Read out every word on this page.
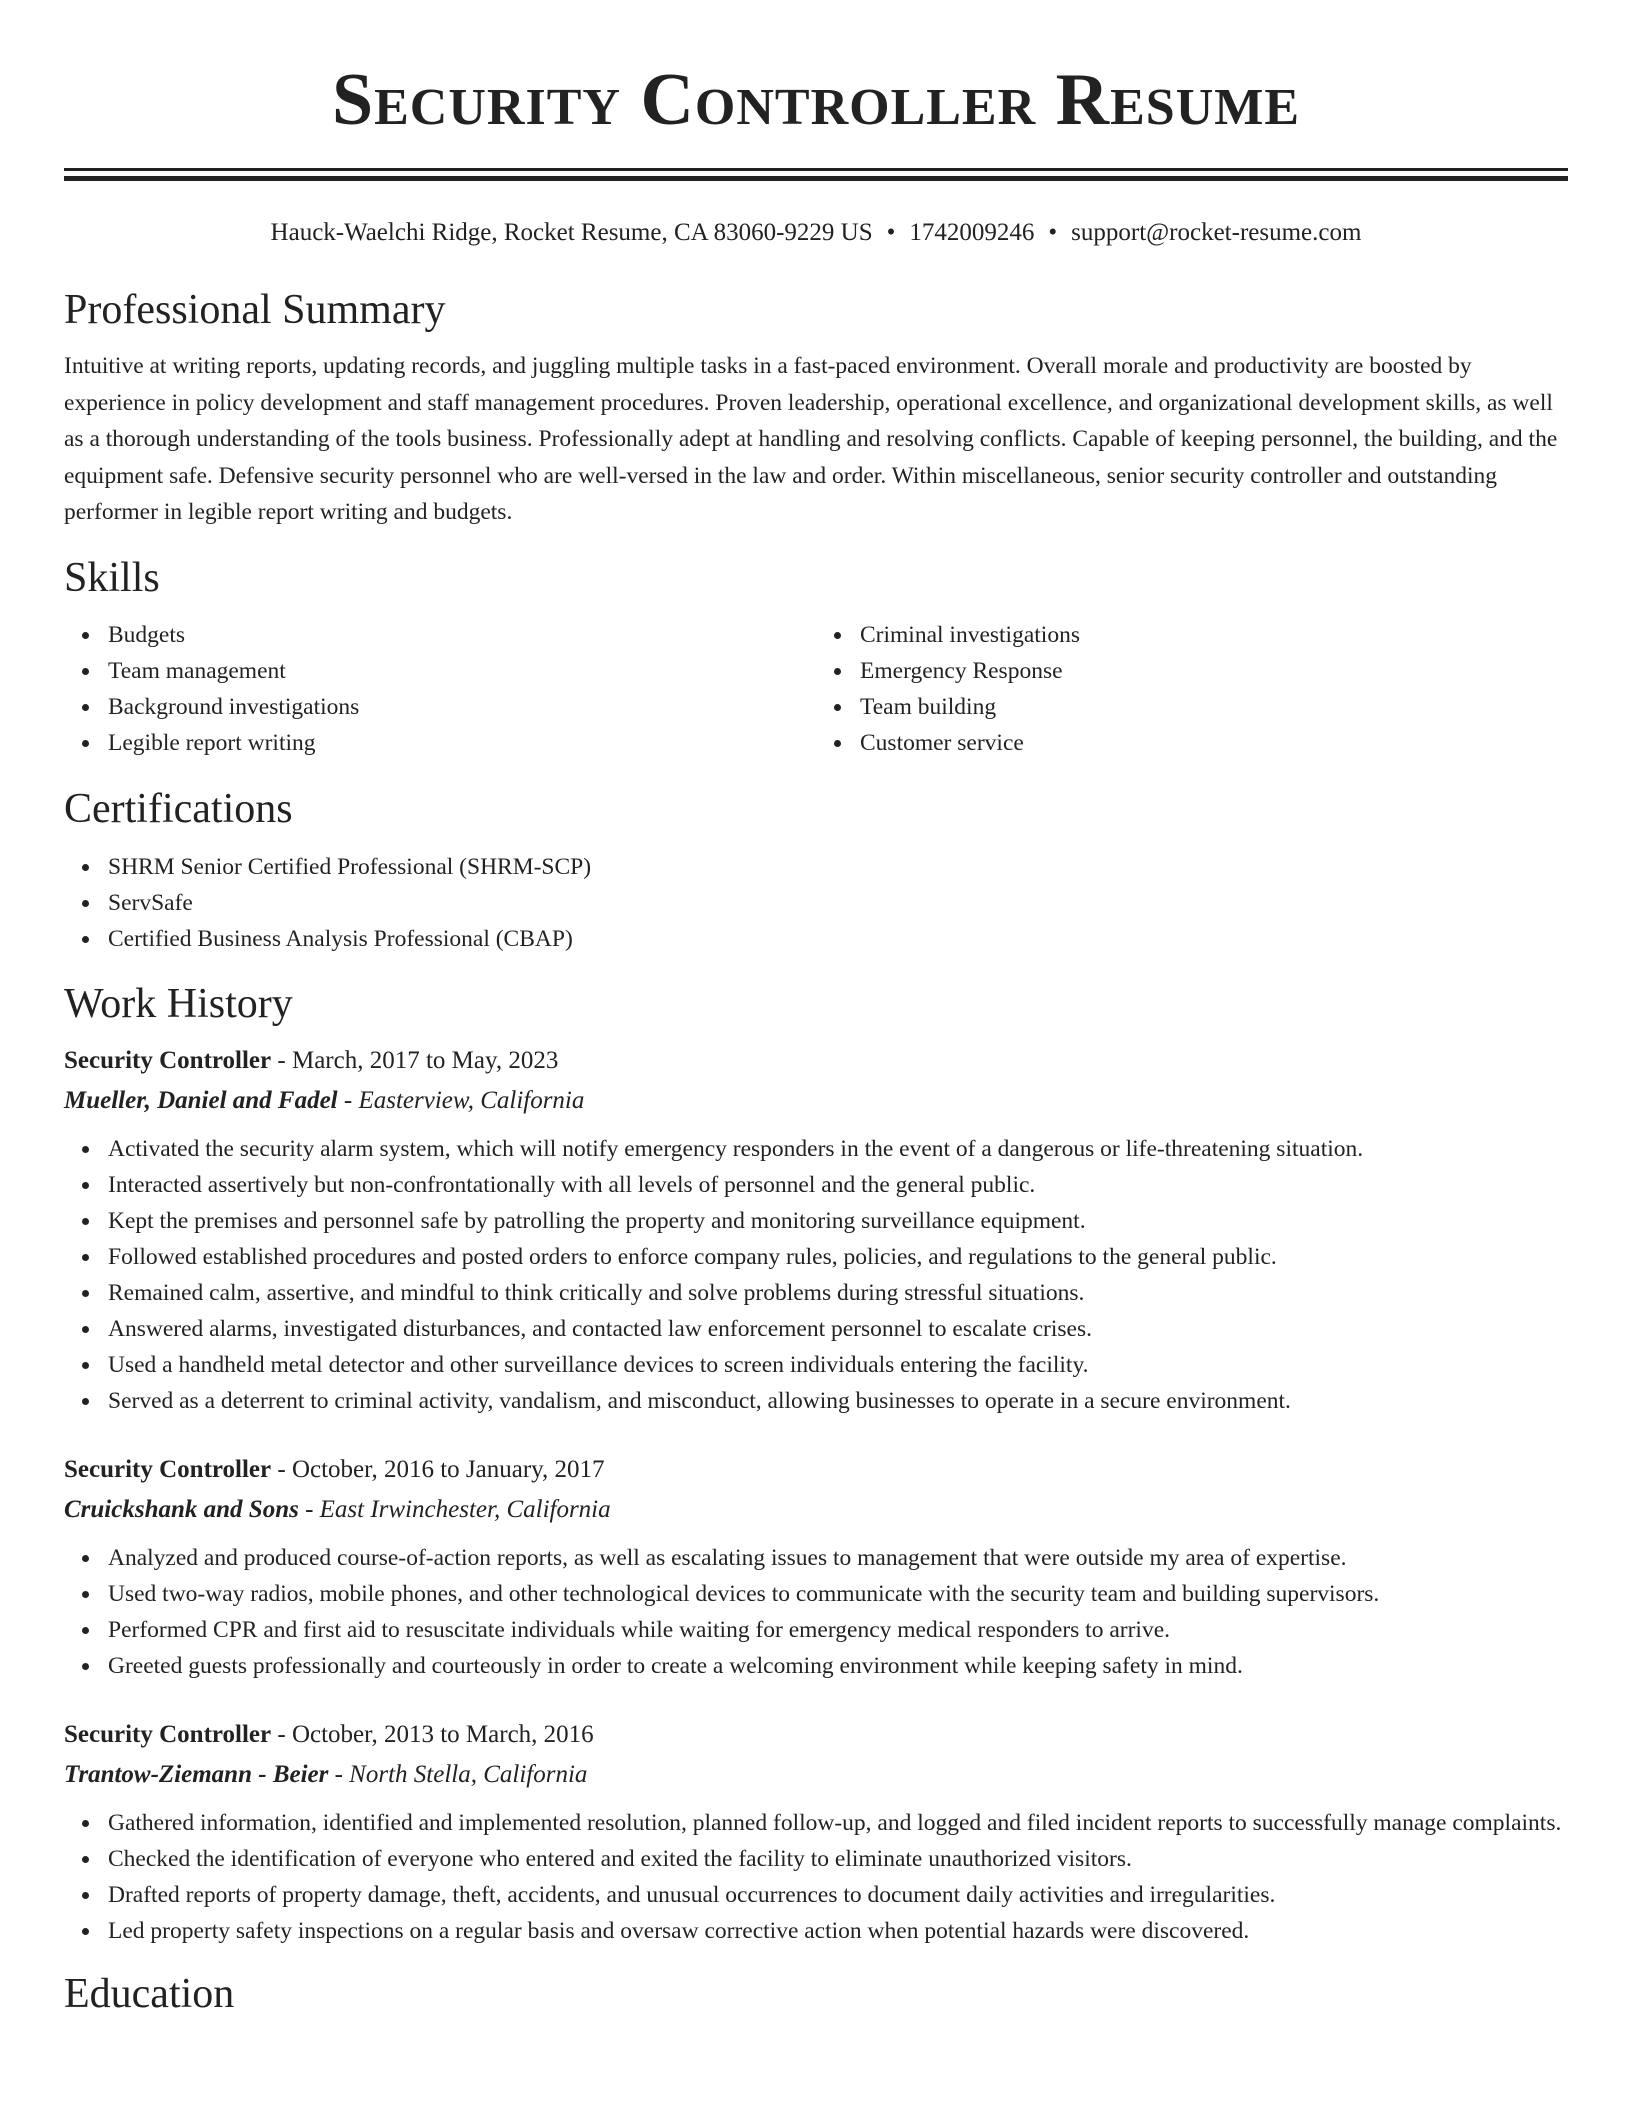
Security Controller Resume
Hauck-Waelchi Ridge, Rocket Resume, CA 83060-9229 US • 1742009246 • support@rocket-resume.com
Professional Summary

Intuitive at writing reports, updating records, and juggling multiple tasks in a fast-paced environment. Overall morale and productivity are boosted by experience in policy development and staff management procedures. Proven leadership, operational excellence, and organizational development skills, as well as a thorough understanding of the tools business. Professionally adept at handling and resolving conflicts. Capable of keeping personnel, the building, and the equipment safe. Defensive security personnel who are well-versed in the law and order. Within miscellaneous, senior security controller and outstanding performer in legible report writing and budgets.

Skills
Budgets
Team management
Background investigations
Legible report writing
Criminal investigations
Emergency Response
Team building
Customer service
Certifications
SHRM Senior Certified Professional (SHRM-SCP)
ServSafe
Certified Business Analysis Professional (CBAP)
Work History
Security Controller - March, 2017 to May, 2023
Mueller, Daniel and Fadel - Easterview, California
Activated the security alarm system, which will notify emergency responders in the event of a dangerous or life-threatening situation.
Interacted assertively but non-confrontationally with all levels of personnel and the general public.
Kept the premises and personnel safe by patrolling the property and monitoring surveillance equipment.
Followed established procedures and posted orders to enforce company rules, policies, and regulations to the general public.
Remained calm, assertive, and mindful to think critically and solve problems during stressful situations.
Answered alarms, investigated disturbances, and contacted law enforcement personnel to escalate crises.
Used a handheld metal detector and other surveillance devices to screen individuals entering the facility.
Served as a deterrent to criminal activity, vandalism, and misconduct, allowing businesses to operate in a secure environment.
Security Controller - October, 2016 to January, 2017
Cruickshank and Sons - East Irwinchester, California
Analyzed and produced course-of-action reports, as well as escalating issues to management that were outside my area of expertise.
Used two-way radios, mobile phones, and other technological devices to communicate with the security team and building supervisors.
Performed CPR and first aid to resuscitate individuals while waiting for emergency medical responders to arrive.
Greeted guests professionally and courteously in order to create a welcoming environment while keeping safety in mind.
Security Controller - October, 2013 to March, 2016
Trantow-Ziemann - Beier - North Stella, California
Gathered information, identified and implemented resolution, planned follow-up, and logged and filed incident reports to successfully manage complaints.
Checked the identification of everyone who entered and exited the facility to eliminate unauthorized visitors.
Drafted reports of property damage, theft, accidents, and unusual occurrences to document daily activities and irregularities.
Led property safety inspections on a regular basis and oversaw corrective action when potential hazards were discovered.
Education
